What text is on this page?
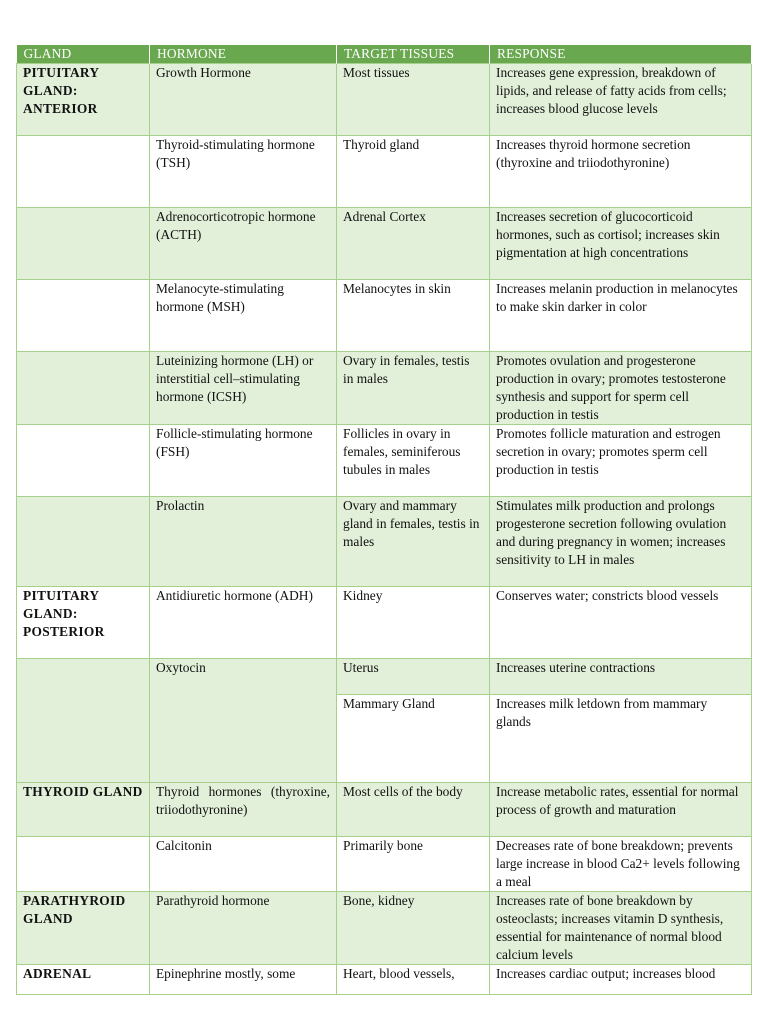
GLAND	HORMONE	TARGET TISSUES	RESPONSE
PITUITARY GLAND: ANTERIOR	Growth Hormone	Most tissues	Increases gene expression, breakdown of lipids, and release of fatty acids from cells; increases blood glucose levels
	Thyroid-stimulating hormone (TSH)	Thyroid gland	Increases thyroid hormone secretion (thyroxine and triiodothyronine)
	Adrenocorticotropic hormone (ACTH)	Adrenal Cortex	Increases secretion of glucocorticoid hormones, such as cortisol; increases skin pigmentation at high concentrations
	Melanocyte-stimulating hormone (MSH)	Melanocytes in skin	Increases melanin production in melanocytes to make skin darker in color
	Luteinizing hormone (LH) or interstitial cell–stimulating hormone (ICSH)	Ovary in females, testis in males	Promotes ovulation and progesterone production in ovary; promotes testosterone synthesis and support for sperm cell production in testis
	Follicle-stimulating hormone (FSH)	Follicles in ovary in females, seminiferous tubules in males	Promotes follicle maturation and estrogen secretion in ovary; promotes sperm cell production in testis
	Prolactin	Ovary and mammary gland in females, testis in males	Stimulates milk production and prolongs progesterone secretion following ovulation and during pregnancy in women; increases sensitivity to LH in males
PITUITARY GLAND: POSTERIOR	Antidiuretic hormone (ADH)	Kidney	Conserves water; constricts blood vessels
	Oxytocin	Uterus	Increases uterine contractions
		Mammary Gland	Increases milk letdown from mammary glands
THYROID GLAND	Thyroid hormones (thyroxine, triiodothyronine)	Most cells of the body	Increase metabolic rates, essential for normal process of growth and maturation
	Calcitonin	Primarily bone	Decreases rate of bone breakdown; prevents large increase in blood Ca2+ levels following a meal
PARATHYROID GLAND	Parathyroid hormone	Bone, kidney	Increases rate of bone breakdown by osteoclasts; increases vitamin D synthesis, essential for maintenance of normal blood calcium levels
ADRENAL	Epinephrine mostly, some	Heart, blood vessels,	Increases cardiac output; increases blood
